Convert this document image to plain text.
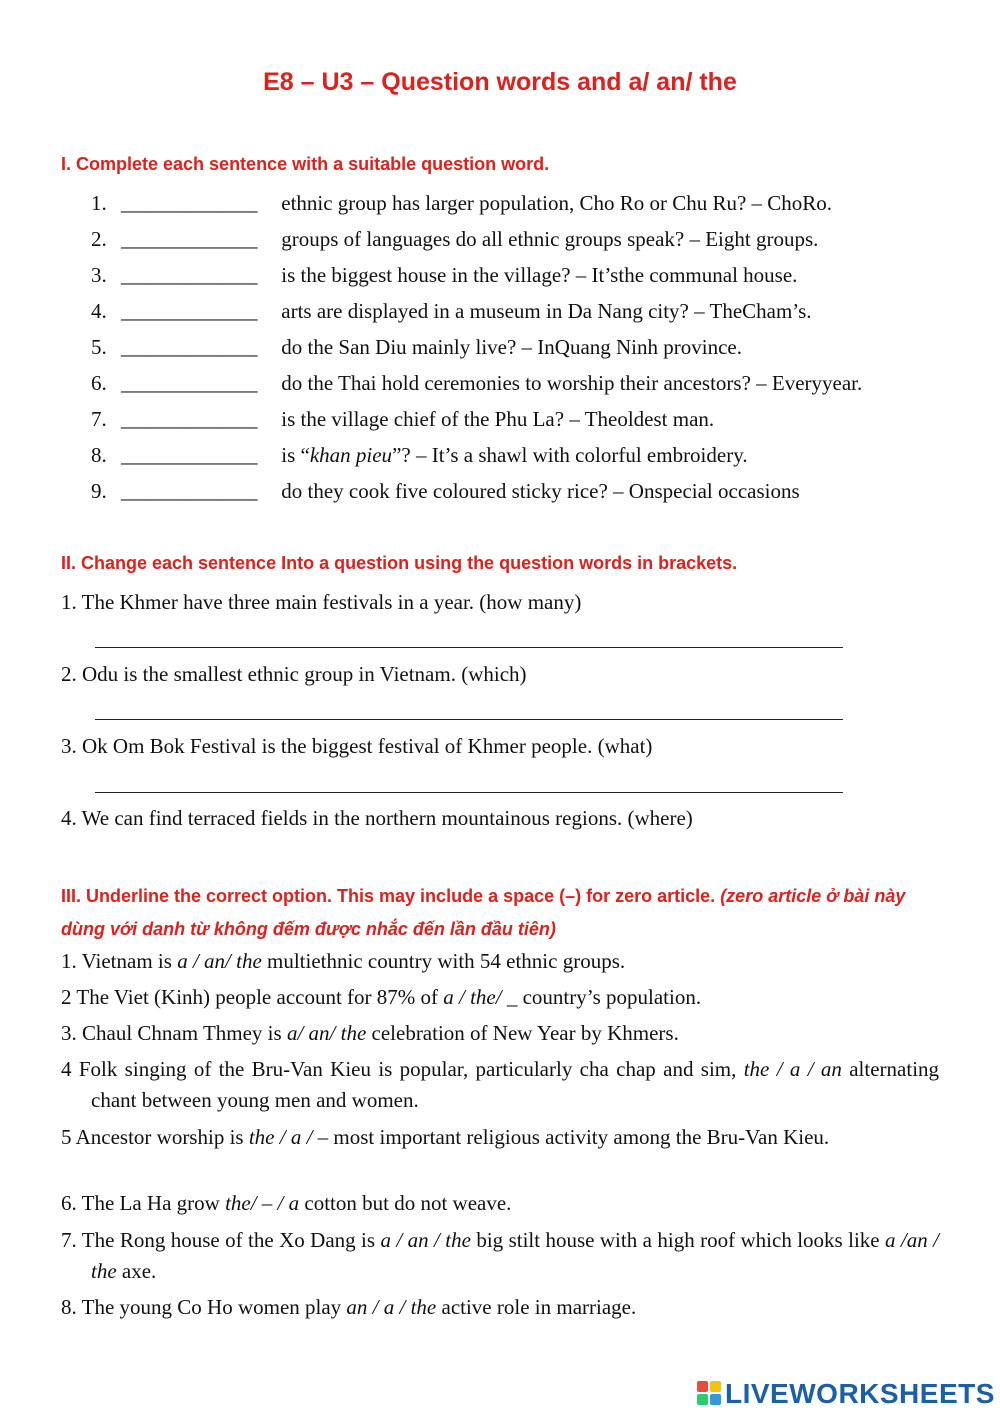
E8 – U3 – Question words and a/ an/ the
I. Complete each sentence with a suitable question word.
1. _____________ ethnic group has larger population, Cho Ro or Chu Ru? – ChoRo.
2. _____________ groups of languages do all ethnic groups speak? – Eight groups.
3. _____________ is the biggest house in the village? – It’sthe communal house.
4. _____________ arts are displayed in a museum in Da Nang city? – TheCham’s.
5. _____________ do the San Diu mainly live? – InQuang Ninh province.
6. _____________ do the Thai hold ceremonies to worship their ancestors? – Everyyear.
7. _____________ is the village chief of the Phu La? – Theoldest man.
8. _____________ is “khan pieu”? – It’s a shawl with colorful embroidery.
9. _____________ do they cook five coloured sticky rice? – Onspecial occasions
II. Change each sentence Into a question using the question words in brackets.
1. The Khmer have three main festivals in a year. (how many)
2. Odu is the smallest ethnic group in Vietnam. (which)
3. Ok Om Bok Festival is the biggest festival of Khmer people. (what)
4. We can find terraced fields in the northern mountainous regions. (where)
III. Underline the correct option. This may include a space (–) for zero article. (zero article ở bài này dùng với danh từ không đếm được nhắc đến lần đầu tiên)
1. Vietnam is a / an/ the multiethnic country with 54 ethnic groups.
2 The Viet (Kinh) people account for 87% of a / the/ _ country’s population.
3. Chaul Chnam Thmey is a/ an/ the celebration of New Year by Khmers.
4 Folk singing of the Bru-Van Kieu is popular, particularly cha chap and sim, the / a / an alternating chant between young men and women.
5 Ancestor worship is the / a / – most important religious activity among the Bru-Van Kieu.
6. The La Ha grow the/ – / a cotton but do not weave.
7. The Rong house of the Xo Dang is a / an / the big stilt house with a high roof which looks like a /an / the axe.
8. The young Co Ho women play an / a / the active role in marriage.
LIVEWORKSHEETS
